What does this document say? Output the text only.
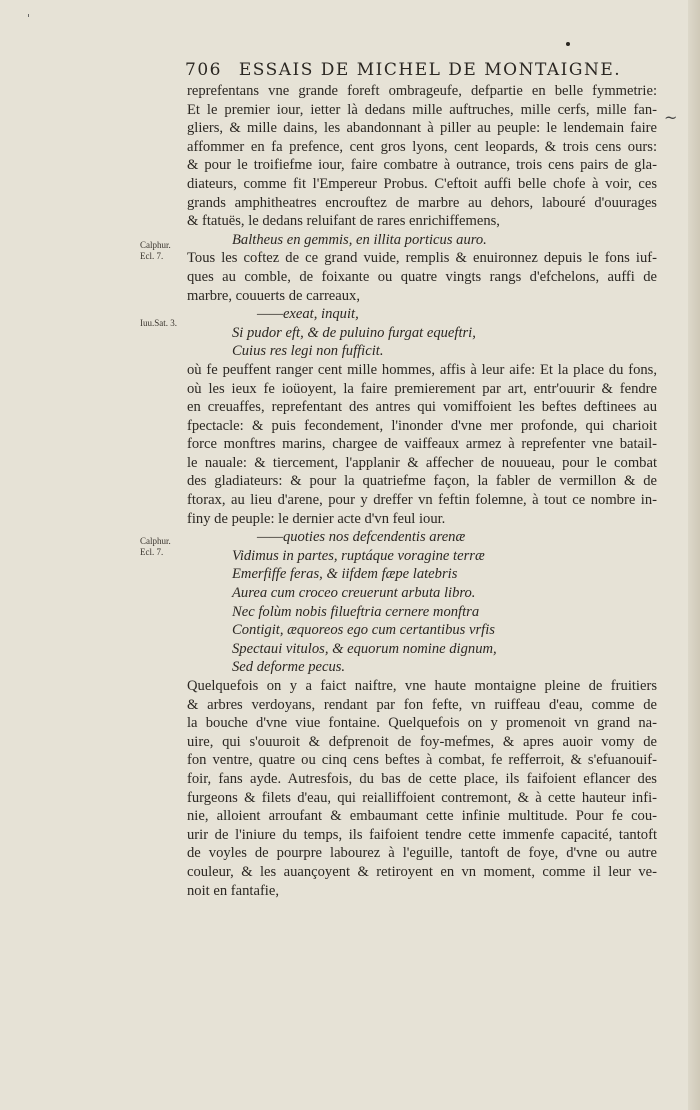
'
~
706 ESSAIS DE MICHEL DE MONTAIGNE.
Calphur. Ecl. 7.
Iuu.Sat. 3.
Calphur. Ecl. 7.
reprefentans vne grande foreft ombrageufe, defpartie en belle fymmetrie:
Et le premier iour, ietter là dedans mille auftruches, mille cerfs, mille fan-
gliers, & mille dains, les abandonnant à piller au peuple: le lendemain faire
affommer en fa prefence, cent gros lyons, cent leopards, & trois cens ours:
& pour le troifiefme iour, faire combatre à outrance, trois cens pairs de gla-
diateurs, comme fit l'Empereur Probus. C'eftoit auffi belle chofe à voir, ces
grands amphitheatres encrouftez de marbre au dehors, labouré d'ouurages
& ftatuës, le dedans reluifant de rares enrichiffemens,
Baltheus en gemmis, en illita porticus auro.
Tous les coftez de ce grand vuide, remplis & enuironnez depuis le fons iuf-
ques au comble, de foixante ou quatre vingts rangs d'efchelons, auffi de
marbre, couuerts de carreaux,
——exeat, inquit,
Si pudor eft, & de puluino furgat equeftri,
Cuius res legi non fufficit.
où fe peuffent ranger cent mille hommes, affis à leur aife: Et la place du fons,
où les ieux fe ioüoyent, la faire premierement par art, entr'ouurir & fendre
en creuaffes, reprefentant des antres qui vomiffoient les beftes deftinees au
fpectacle: & puis fecondement, l'inonder d'vne mer profonde, qui charioit
force monftres marins, chargee de vaiffeaux armez à reprefenter vne batail-
le nauale: & tiercement, l'applanir & affecher de nouueau, pour le combat
des gladiateurs: & pour la quatriefme façon, la fabler de vermillon & de
ftorax, au lieu d'arene, pour y dreffer vn feftin folemne, à tout ce nombre in-
finy de peuple: le dernier acte d'vn feul iour.
——quoties nos defcendentis arenæ
Vidimus in partes, ruptáque voragine terræ
Emerfiffe feras, & iifdem fæpe latebris
Aurea cum croceo creuerunt arbuta libro.
Nec folùm nobis filueftria cernere monftra
Contigit, æquoreos ego cum certantibus vrfis
Spectaui vitulos, & equorum nomine dignum,
Sed deforme pecus.
Quelquefois on y a faict naiftre, vne haute montaigne pleine de fruitiers
& arbres verdoyans, rendant par fon fefte, vn ruiffeau d'eau, comme de
la bouche d'vne viue fontaine. Quelquefois on y promenoit vn grand na-
uire, qui s'ouuroit & defprenoit de foy-mefmes, & apres auoir vomy de
fon ventre, quatre ou cinq cens beftes à combat, fe refferroit, & s'efuanouif-
foir, fans ayde. Autresfois, du bas de cette place, ils faifoient eflancer des
furgeons & filets d'eau, qui reialliffoient contremont, & à cette hauteur infi-
nie, alloient arroufant & embaumant cette infinie multitude. Pour fe cou-
urir de l'iniure du temps, ils faifoient tendre cette immenfe capacité, tantoft
de voyles de pourpre labourez à l'eguille, tantoft de foye, d'vne ou autre
couleur, & les auançoyent & retiroyent en vn moment, comme il leur ve-
noit en fantafie,
